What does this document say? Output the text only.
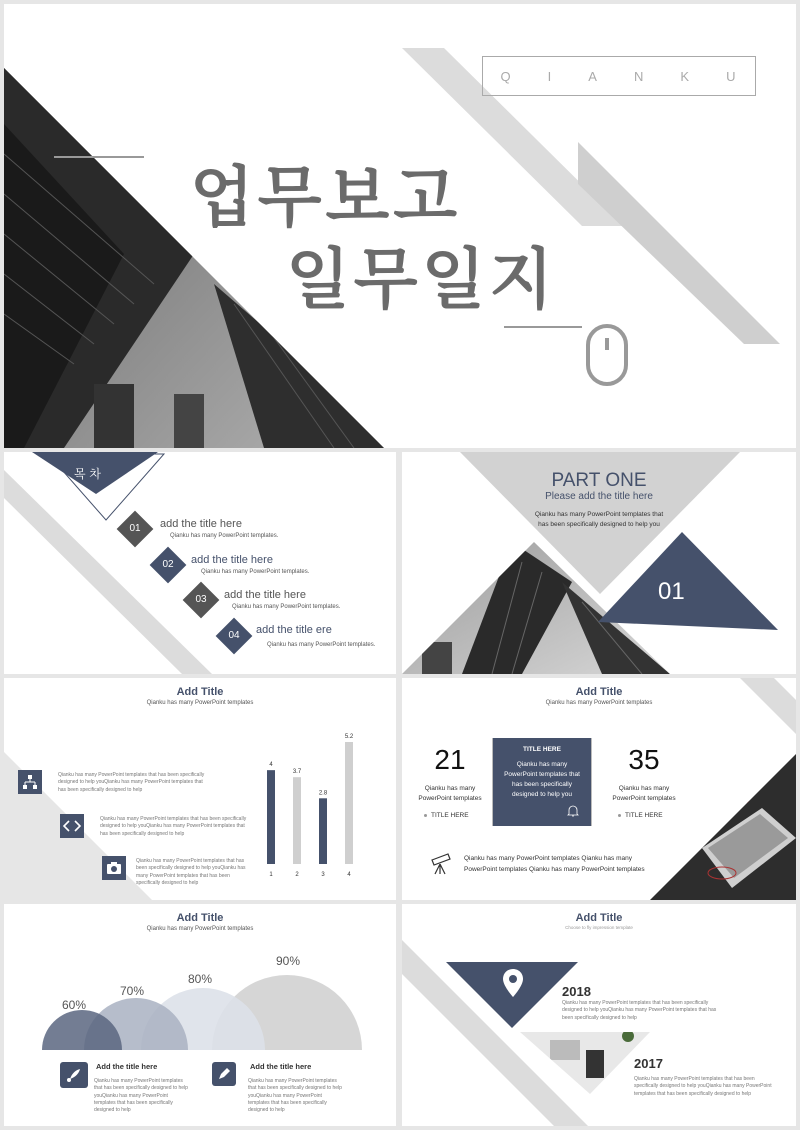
Q	I	A	N	K	U
업무보고
일무일지
목 차
01	add the title here
Qianku has many PowerPoint templates.
02	add the title here
Qianku has many PowerPoint templates.
03	add the title here
Qianku has many PowerPoint templates.
04	add the title ere
Qianku has many PowerPoint templates.
PART ONE
Please add the title here
Qianku has many PowerPoint templates that has been specifically designed to help you
01
Add Title
Qianku has many PowerPoint templates
Qianku has many PowerPoint templates that has been specifically designed to help youQianku has many PowerPoint templates that has been specifically designed to help
Qianku has many PowerPoint templates that has been specifically designed to help youQianku has many PowerPoint templates that has been specifically designed to help
Qianku has many PowerPoint templates that has been specifically designed to help youQianku has many PowerPoint templates that has been specifically designed to help
4
1
3.7
2
2.8
3
5.2
4
Add Title
Qianku has many PowerPoint templates
21
Qianku has many PowerPoint templates
TITLE HERE
TITLE HERE
Qianku has many PowerPoint templates that has been specifically designed to help you
35
Qianku has many PowerPoint templates
TITLE HERE
Qianku has many PowerPoint templates Qianku has many PowerPoint templates Qianku has many PowerPoint templates
Add Title
Qianku has many PowerPoint templates
60%
70%
80%
90%
Add the title here
Qianku has many PowerPoint templates that has been specifically designed to help youQianku has many PowerPoint templates that has been specifically designed to help
Add the title here
Qianku has many PowerPoint templates that has been specifically designed to help youQianku has many PowerPoint templates that has been specifically designed to help
Add Title
Choose to fly impression template
2018
Qianku has many PowerPoint templates that has been specifically designed to help youQianku has many PowerPoint templates that has been specifically designed to help
2017
Qianku has many PowerPoint templates that has been specifically designed to help youQianku has many PowerPoint templates that has been specifically designed to help
